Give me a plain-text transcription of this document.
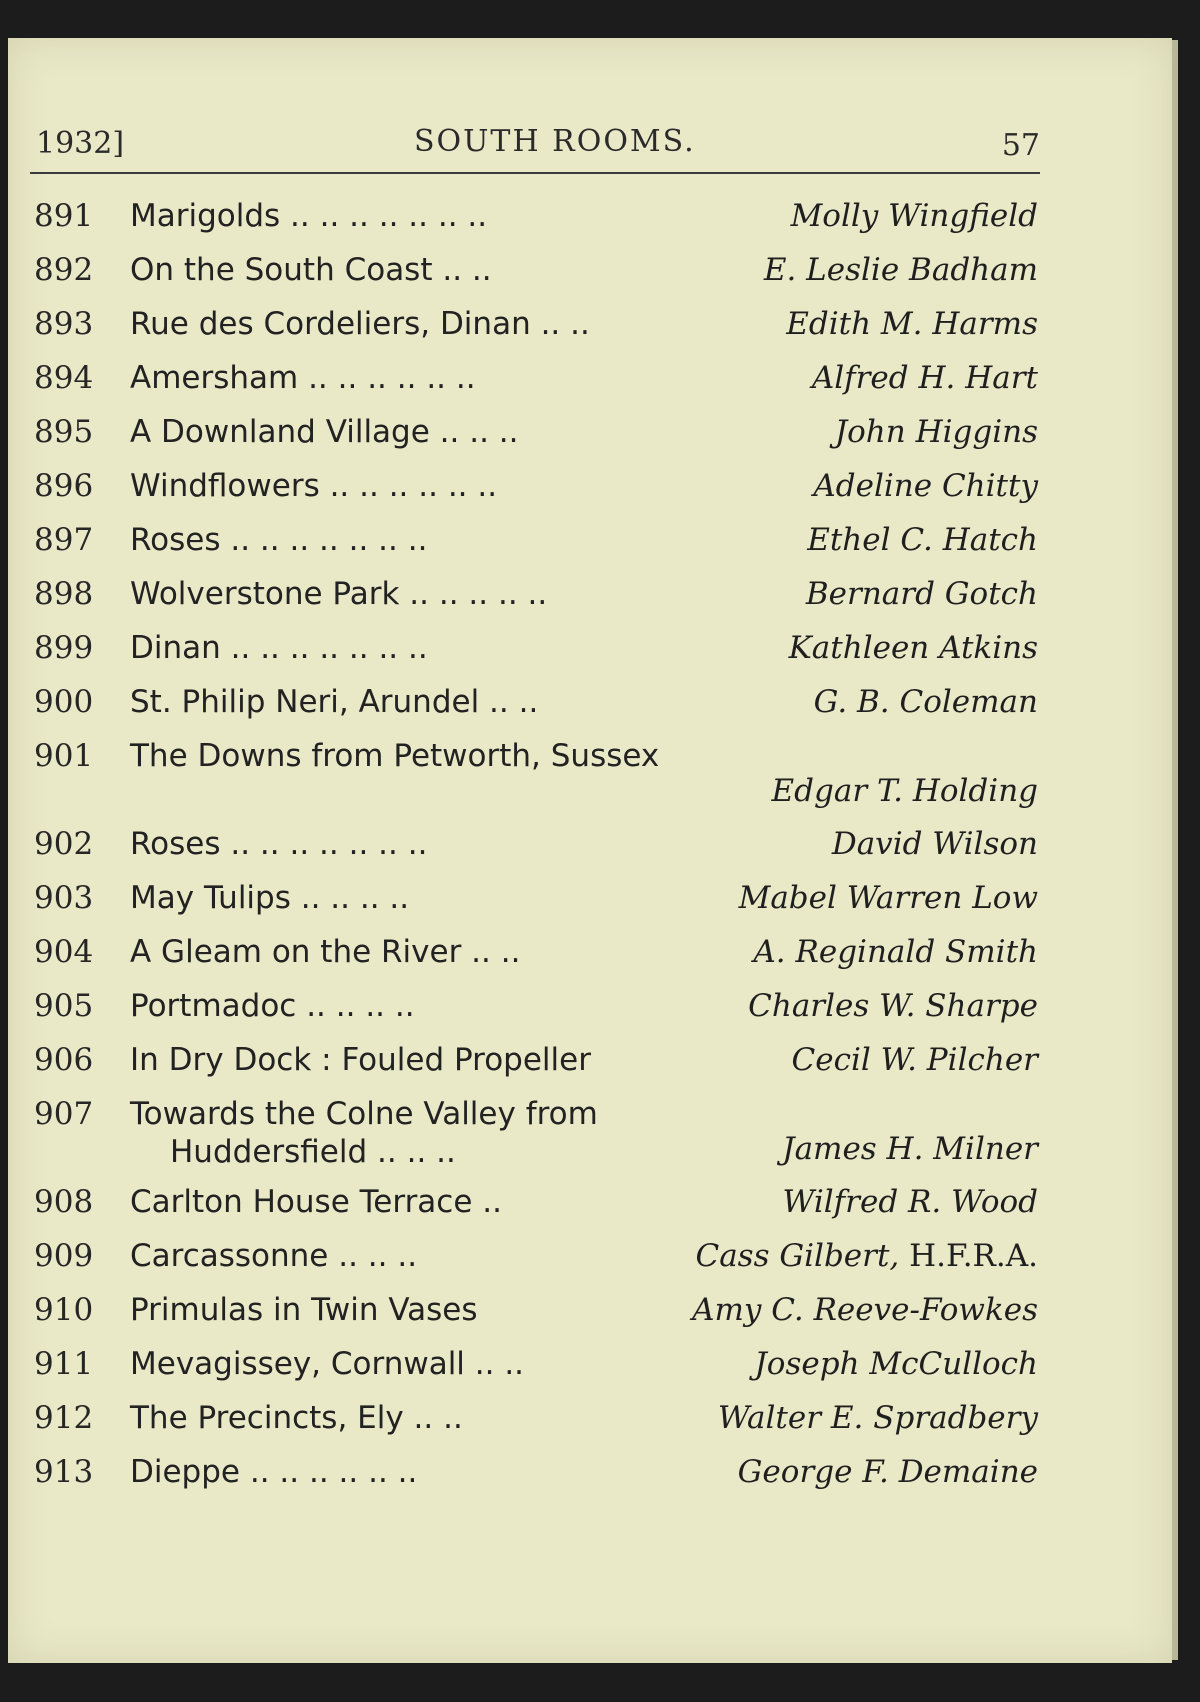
1932]	SOUTH ROOMS.	57
891 Marigolds .. .. .. .. .. .. ..	Molly Wingfield
892 On the South Coast .. ..	E. Leslie Badham
893 Rue des Cordeliers, Dinan .. ..	Edith M. Harms
894 Amersham .. .. .. .. .. ..	Alfred H. Hart
895 A Downland Village .. .. ..	John Higgins
896 Windflowers .. .. .. .. .. ..	Adeline Chitty
897 Roses .. .. .. .. .. .. ..	Ethel C. Hatch
898 Wolverstone Park .. .. .. .. ..	Bernard Gotch
899 Dinan .. .. .. .. .. .. ..	Kathleen Atkins
900 St. Philip Neri, Arundel .. ..	G. B. Coleman
901 The Downs from Petworth, Sussex
Edgar T. Holding
902 Roses .. .. .. .. .. .. ..	David Wilson
903 May Tulips .. .. .. ..	Mabel Warren Low
904 A Gleam on the River .. ..	A. Reginald Smith
905 Portmadoc .. .. .. ..	Charles W. Sharpe
906 In Dry Dock : Fouled Propeller	Cecil W. Pilcher
907 Towards the Colne Valley from
Huddersfield .. .. ..	James H. Milner
908 Carlton House Terrace ..	Wilfred R. Wood
909 Carcassonne .. .. ..	Cass Gilbert, H.F.R.A.
910 Primulas in Twin Vases	Amy C. Reeve-Fowkes
911 Mevagissey, Cornwall .. ..	Joseph McCulloch
912 The Precincts, Ely .. ..	Walter E. Spradbery
913 Dieppe .. .. .. .. .. ..	George F. Demaine
